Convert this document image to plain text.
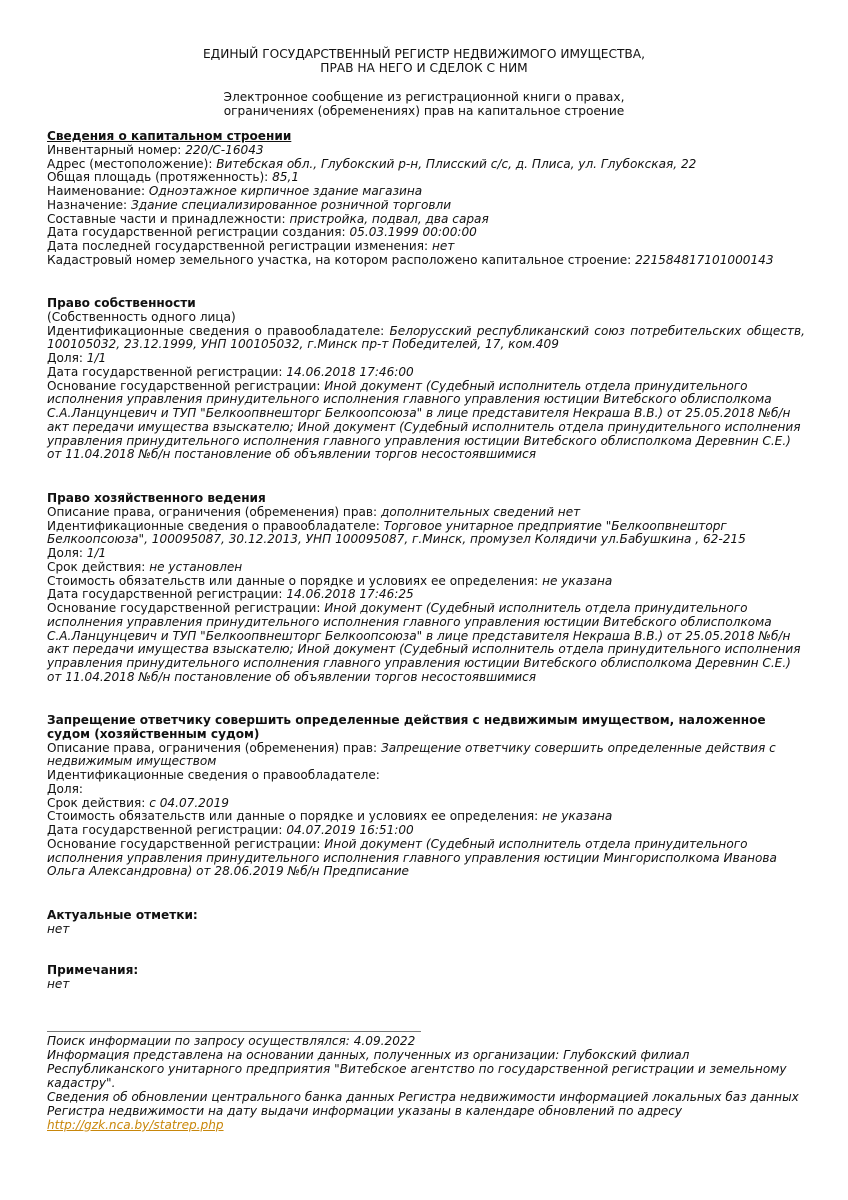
ЕДИНЫЙ ГОСУДАРСТВЕННЫЙ РЕГИСТР НЕДВИЖИМОГО ИМУЩЕСТВА,
ПРАВ НА НЕГО И СДЕЛОК С НИМ
Электронное сообщение из регистрационной книги о правах,
ограничениях (обременениях) прав на капитальное строение
Сведения о капитальном строении
Инвентарный номер: 220/С-16043
Адрес (местоположение): Витебская обл., Глубокский р-н, Плисский с/с, д. Плиса, ул. Глубокская, 22
Общая площадь (протяженность): 85,1
Наименование: Одноэтажное кирпичное здание магазина
Назначение: Здание специализированное розничной торговли
Составные части и принадлежности: пристройка, подвал, два сарая
Дата государственной регистрации создания: 05.03.1999 00:00:00
Дата последней государственной регистрации изменения: нет
Кадастровый номер земельного участка, на котором расположено капитальное строение: 221584817101000143
Право собственности
(Собственность одного лица)
Идентификационные сведения о правообладателе: Белорусский республиканский союз потребительских обществ, 100105032, 23.12.1999, УНП 100105032, г.Минск пр-т Победителей, 17, ком.409
Доля: 1/1
Дата государственной регистрации: 14.06.2018 17:46:00
Основание государственной регистрации: Иной документ (Судебный исполнитель отдела принудительного исполнения управления принудительного исполнения главного управления юстиции Витебского облисполкома С.А.Ланцунцевич и ТУП "Белкоопвнешторг Белкоопсоюза" в лице представителя Некраша В.В.) от 25.05.2018 №б/н акт передачи имущества взыскателю; Иной документ (Судебный исполнитель отдела принудительного исполнения управления принудительного исполнения главного управления юстиции Витебского облисполкома Деревнин С.Е.) от 11.04.2018 №б/н постановление об объявлении торгов несостоявшимися
Право хозяйственного ведения
Описание права, ограничения (обременения) прав: дополнительных сведений нет
Идентификационные сведения о правообладателе: Торговое унитарное предприятие "Белкоопвнешторг Белкоопсоюза", 100095087, 30.12.2013, УНП 100095087, г.Минск, промузел Колядичи ул.Бабушкина , 62-215
Доля: 1/1
Срок действия: не установлен
Стоимость обязательств или данные о порядке и условиях ее определения: не указана
Дата государственной регистрации: 14.06.2018 17:46:25
Основание государственной регистрации: Иной документ (Судебный исполнитель отдела принудительного исполнения управления принудительного исполнения главного управления юстиции Витебского облисполкома С.А.Ланцунцевич и ТУП "Белкоопвнешторг Белкоопсоюза" в лице представителя Некраша В.В.) от 25.05.2018 №б/н акт передачи имущества взыскателю; Иной документ (Судебный исполнитель отдела принудительного исполнения управления принудительного исполнения главного управления юстиции Витебского облисполкома Деревнин С.Е.) от 11.04.2018 №б/н постановление об объявлении торгов несостоявшимися
Запрещение ответчику совершить определенные действия с недвижимым имуществом, наложенное судом (хозяйственным судом)
Описание права, ограничения (обременения) прав: Запрещение ответчику совершить определенные действия с недвижимым имуществом
Идентификационные сведения о правообладателе:
Доля:
Срок действия: с 04.07.2019
Стоимость обязательств или данные о порядке и условиях ее определения: не указана
Дата государственной регистрации: 04.07.2019 16:51:00
Основание государственной регистрации: Иной документ (Судебный исполнитель отдела принудительного исполнения управления принудительного исполнения главного управления юстиции Мингорисполкома Иванова Ольга Александровна) от 28.06.2019 №б/н Предписание
Актуальные отметки:
нет
Примечания:
нет
Поиск информации по запросу осуществлялся: 4.09.2022
Информация представлена на основании данных, полученных из организации: Глубокский филиал Республиканского унитарного предприятия "Витебское агентство по государственной регистрации и земельному кадастру".
Сведения об обновлении центрального банка данных Регистра недвижимости информацией локальных баз данных Регистра недвижимости на дату выдачи информации указаны в календаре обновлений по адресу
http://gzk.nca.by/statrep.php
